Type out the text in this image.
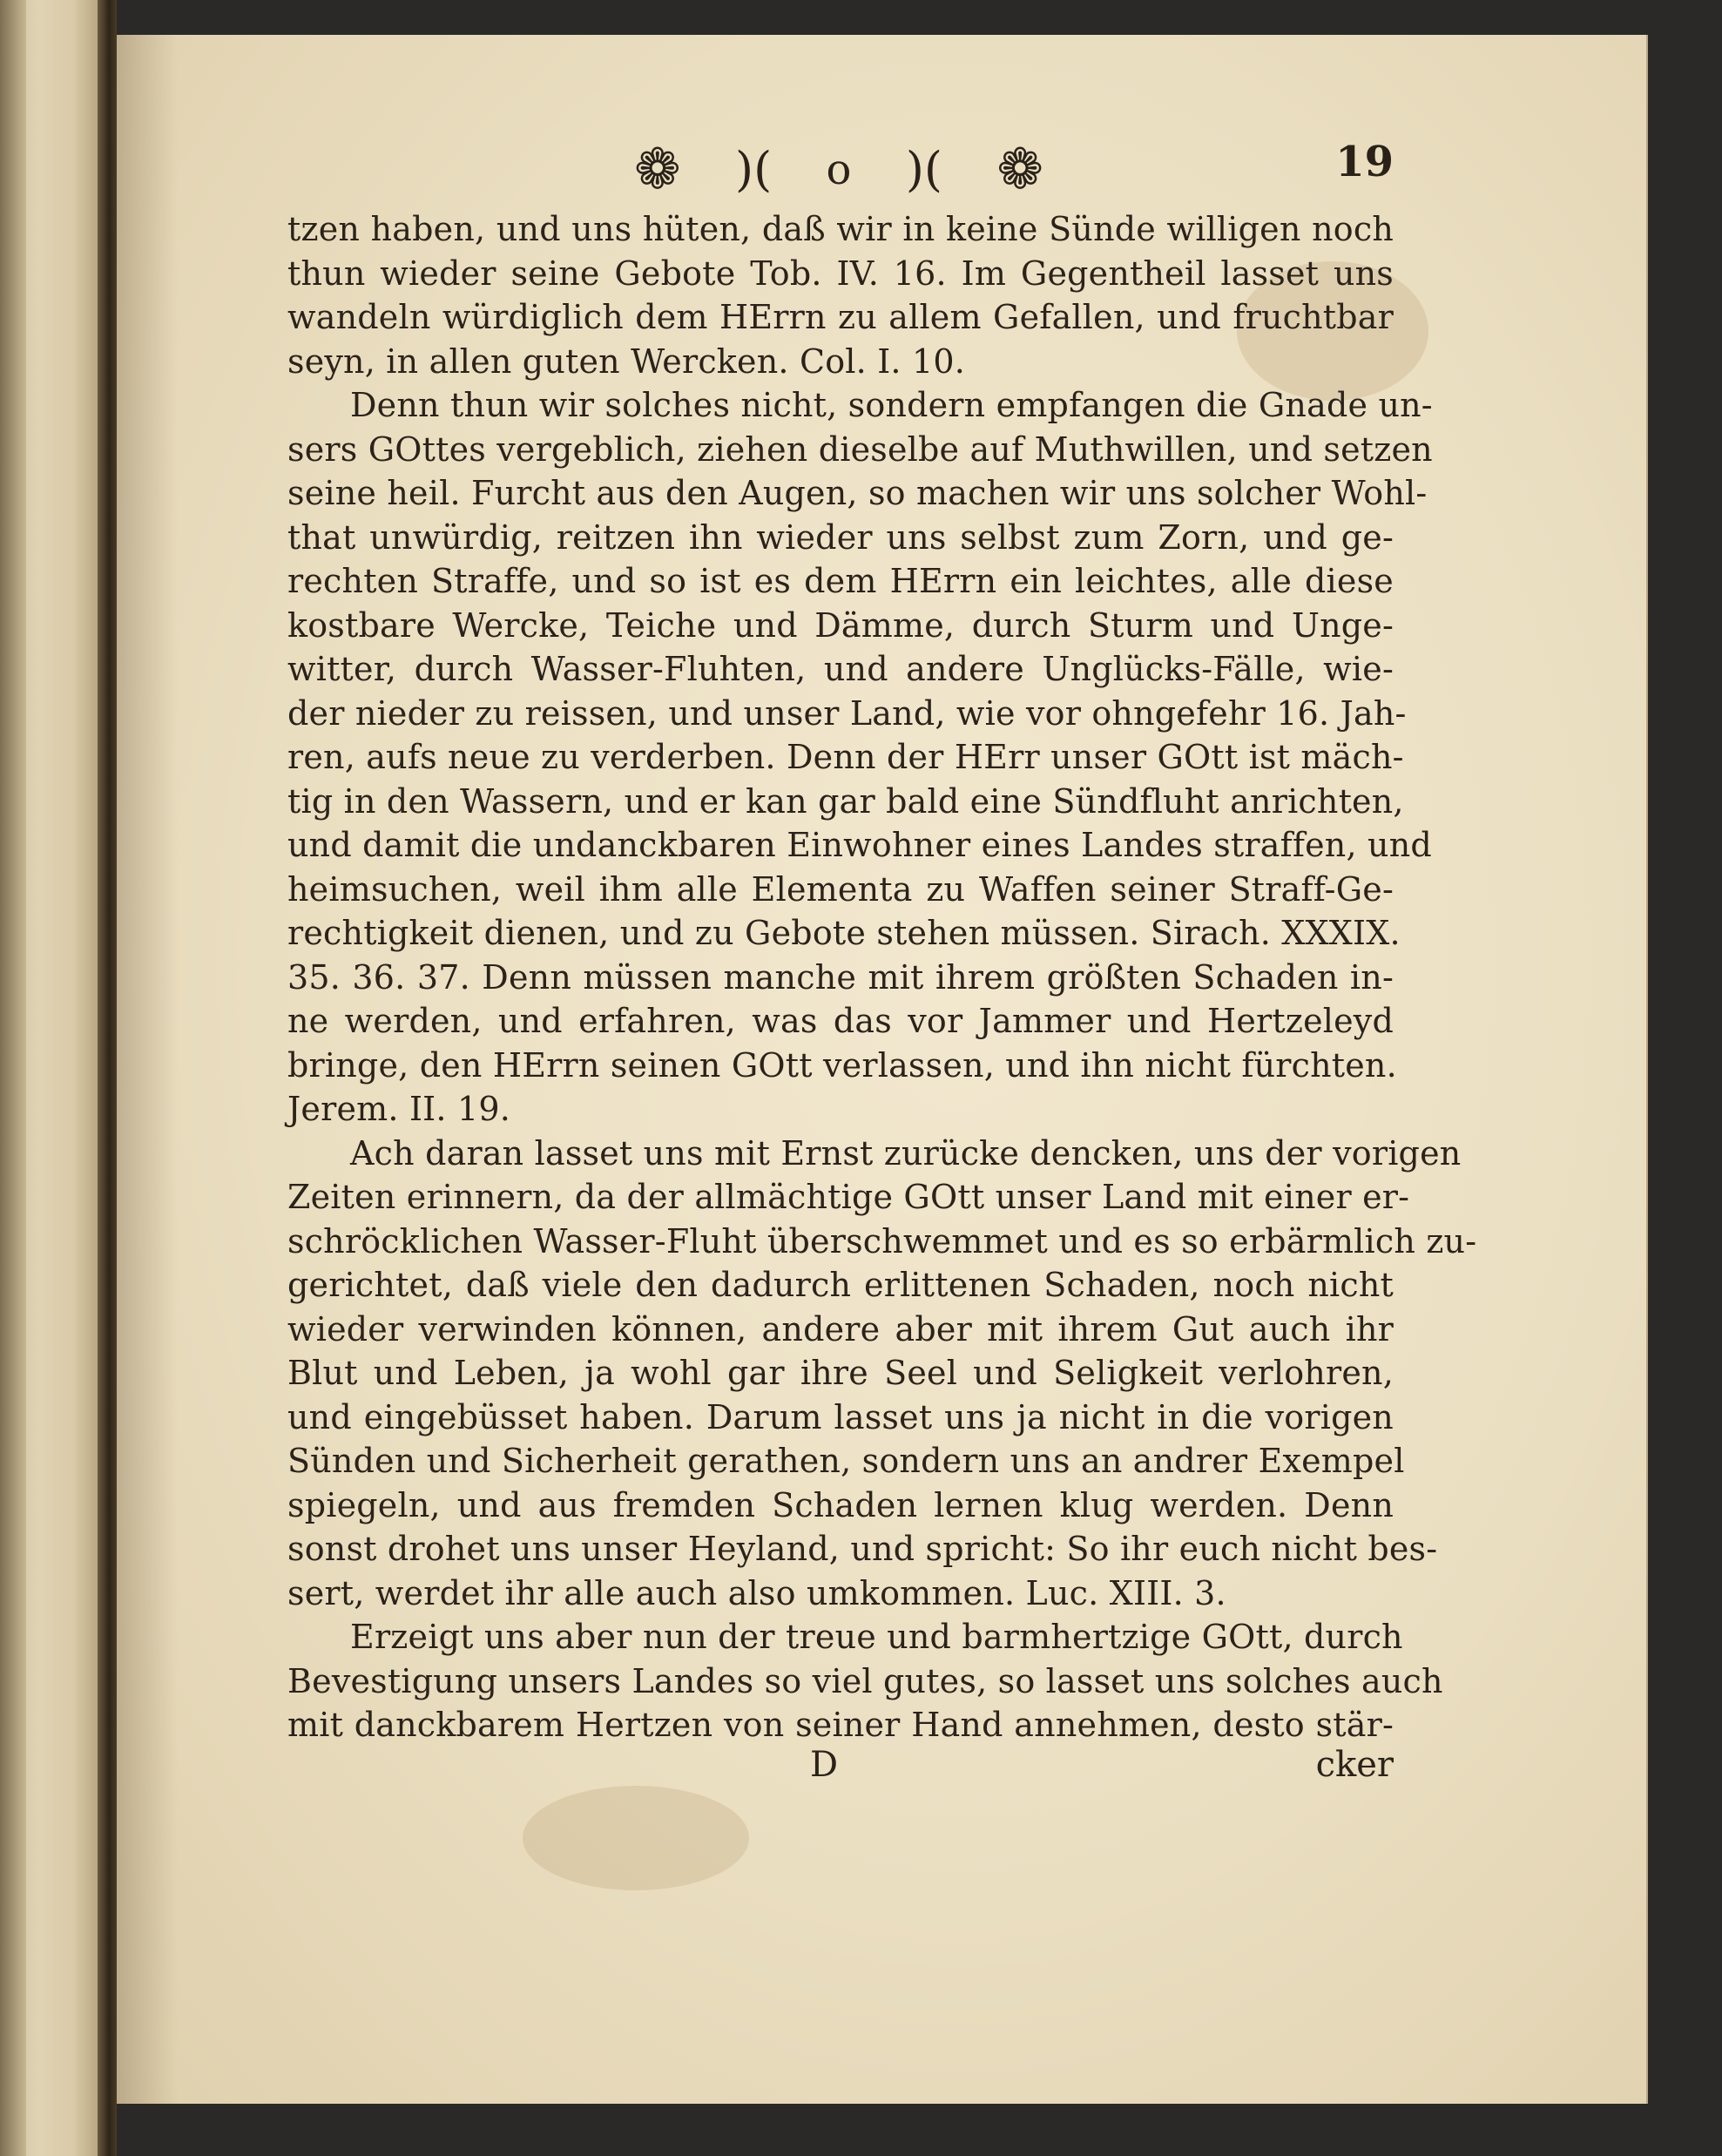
❁ )( o )( ❁	19
tzen haben, und uns hüten, daß wir in keine Sünde willigen noch
thun wieder seine Gebote Tob. IV. 16. Im Gegentheil lasset uns
wandeln würdiglich dem HErrn zu allem Gefallen, und fruchtbar
seyn, in allen guten Wercken. Col. I. 10.
Denn thun wir solches nicht, sondern empfangen die Gnade un-
sers GOttes vergeblich, ziehen dieselbe auf Muthwillen, und setzen
seine heil. Furcht aus den Augen, so machen wir uns solcher Wohl-
that unwürdig, reitzen ihn wieder uns selbst zum Zorn, und ge-
rechten Straffe, und so ist es dem HErrn ein leichtes, alle diese
kostbare Wercke, Teiche und Dämme, durch Sturm und Unge-
witter, durch Wasser-Fluhten, und andere Unglücks-Fälle, wie-
der nieder zu reissen, und unser Land, wie vor ohngefehr 16. Jah-
ren, aufs neue zu verderben. Denn der HErr unser GOtt ist mäch-
tig in den Wassern, und er kan gar bald eine Sündfluht anrichten,
und damit die undanckbaren Einwohner eines Landes straffen, und
heimsuchen, weil ihm alle Elementa zu Waffen seiner Straff-Ge-
rechtigkeit dienen, und zu Gebote stehen müssen. Sirach. XXXIX.
35. 36. 37. Denn müssen manche mit ihrem größten Schaden in-
ne werden, und erfahren, was das vor Jammer und Hertzeleyd
bringe, den HErrn seinen GOtt verlassen, und ihn nicht fürchten.
Jerem. II. 19.
Ach daran lasset uns mit Ernst zurücke dencken, uns der vorigen
Zeiten erinnern, da der allmächtige GOtt unser Land mit einer er-
schröcklichen Wasser-Fluht überschwemmet und es so erbärmlich zu-
gerichtet, daß viele den dadurch erlittenen Schaden, noch nicht
wieder verwinden können, andere aber mit ihrem Gut auch ihr
Blut und Leben, ja wohl gar ihre Seel und Seligkeit verlohren,
und eingebüsset haben. Darum lasset uns ja nicht in die vorigen
Sünden und Sicherheit gerathen, sondern uns an andrer Exempel
spiegeln, und aus fremden Schaden lernen klug werden. Denn
sonst drohet uns unser Heyland, und spricht: So ihr euch nicht bes-
sert, werdet ihr alle auch also umkommen. Luc. XIII. 3.
Erzeigt uns aber nun der treue und barmhertzige GOtt, durch
Bevestigung unsers Landes so viel gutes, so lasset uns solches auch
mit danckbarem Hertzen von seiner Hand annehmen, desto stär-
D	cker
